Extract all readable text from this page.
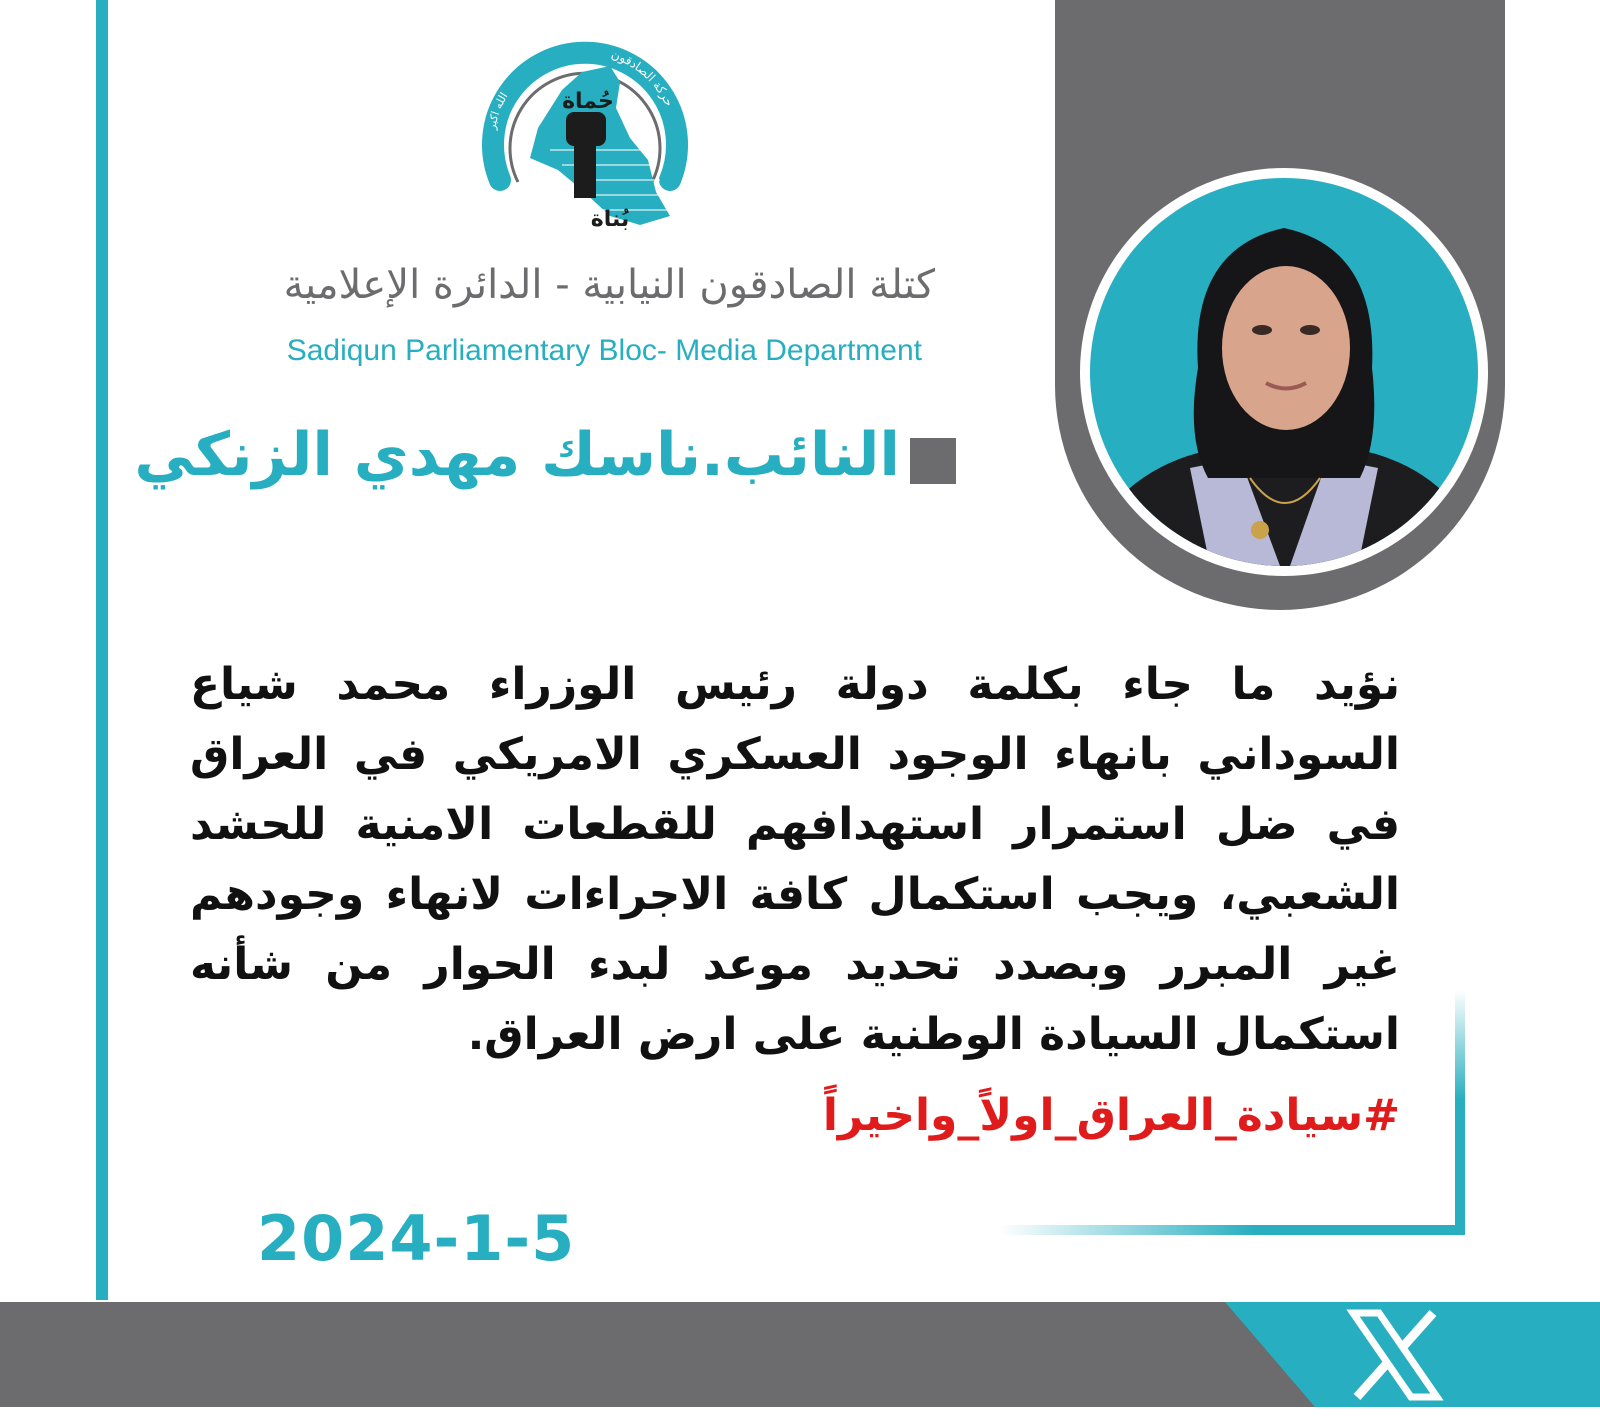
حُماة
بُناة
حركة الصادقون
الله اكبر
كتلة الصادقون النيابية - الدائرة الإعلامية
Sadiqun Parliamentary Bloc- Media Department
النائب.ناسك مهدي الزنكي
نؤيد ما جاء بكلمة دولة رئيس الوزراء محمد شياع السوداني بانهاء الوجود العسكري الامريكي في العراق في ضل استمرار استهدافهم للقطعات الامنية للحشد الشعبي، ويجب استكمال كافة الاجراءات لانهاء وجودهم غير المبرر وبصدد تحديد موعد لبدء الحوار من شأنه استكمال السيادة الوطنية على ارض العراق.
#سيادة_العراق_اولاً_واخيراً
2024-1-5
